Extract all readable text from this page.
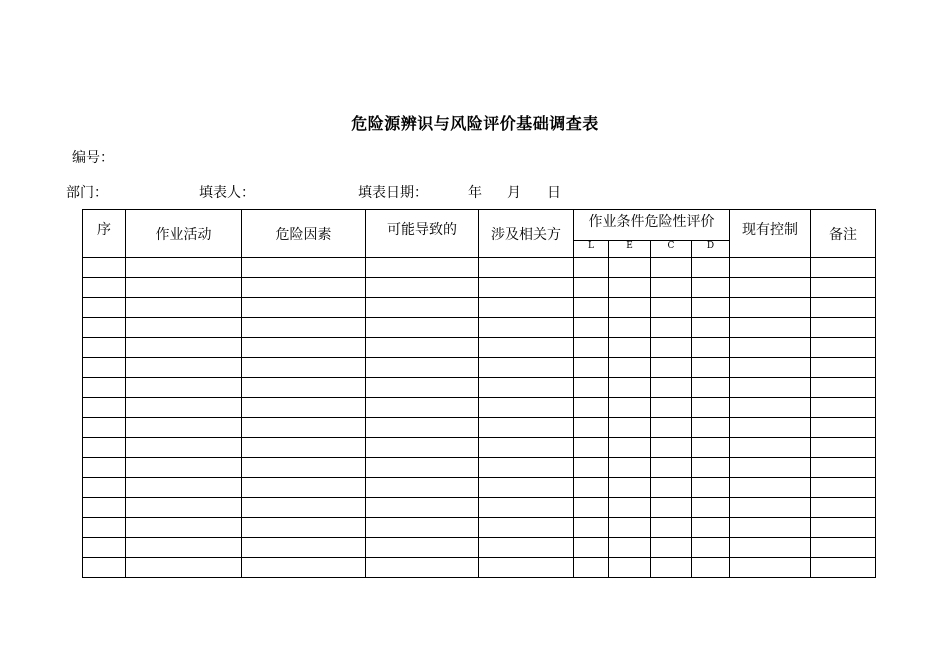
危险源辨识与风险评价基础调查表
编号：
部门：	填表人：	填表日期：	年 月 日
序	作业活动	危险因素	可能导致的	涉及相关方	作业条件危险性评价				现有控制	备注
					L	E	C	D		
